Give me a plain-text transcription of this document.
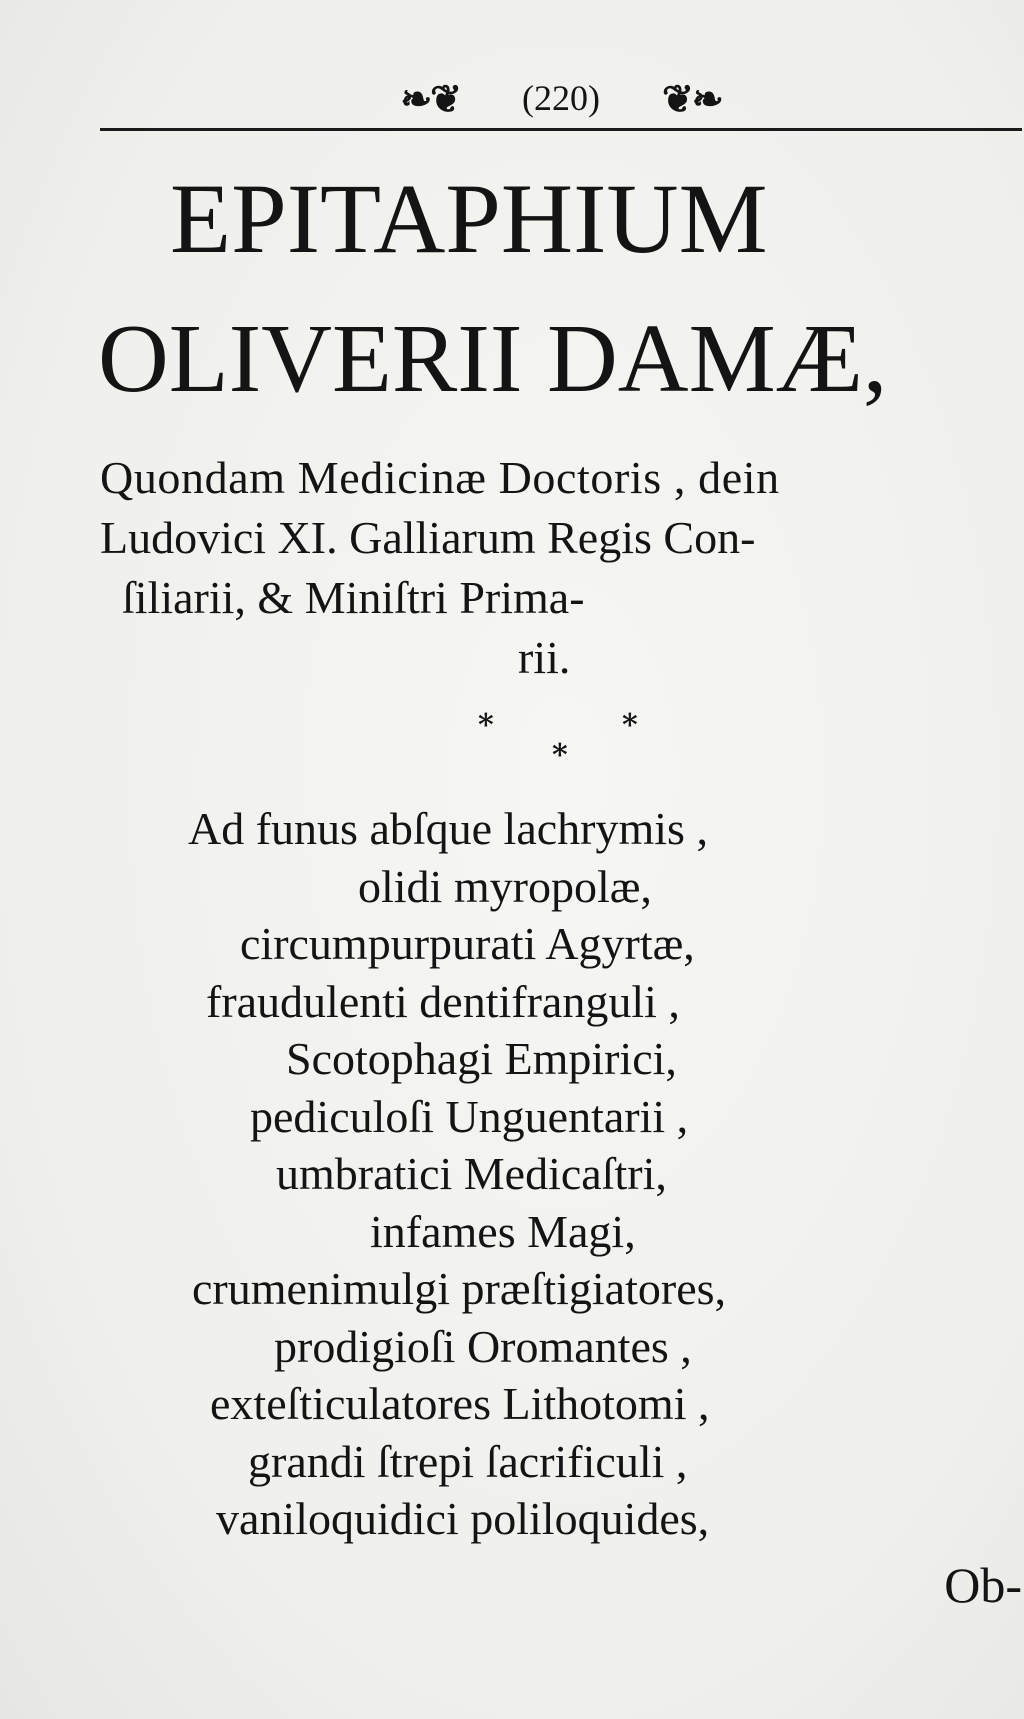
❧❦ (220) ❦❧
EPITAPHIUM
OLIVERII DAMÆ,
Quondam Medicinæ Doctoris , dein
Ludovici XI. Galliarum Regis Con-
ſiliarii, & Miniſtri Prima-
rii.
*	*
*
Ad funus abſque lachrymis ,
olidi myropolæ,
circumpurpurati Agyrtæ,
fraudulenti dentifranguli ,
Scotophagi Empirici,
pediculoſi Unguentarii ,
umbratici Medicaſtri,
infames Magi,
crumenimulgi præſtigiatores,
prodigioſi Oromantes ,
exteſticulatores Lithotomi ,
grandi ſtrepi ſacrificuli ,
vaniloquidici poliloquides,
Ob-
